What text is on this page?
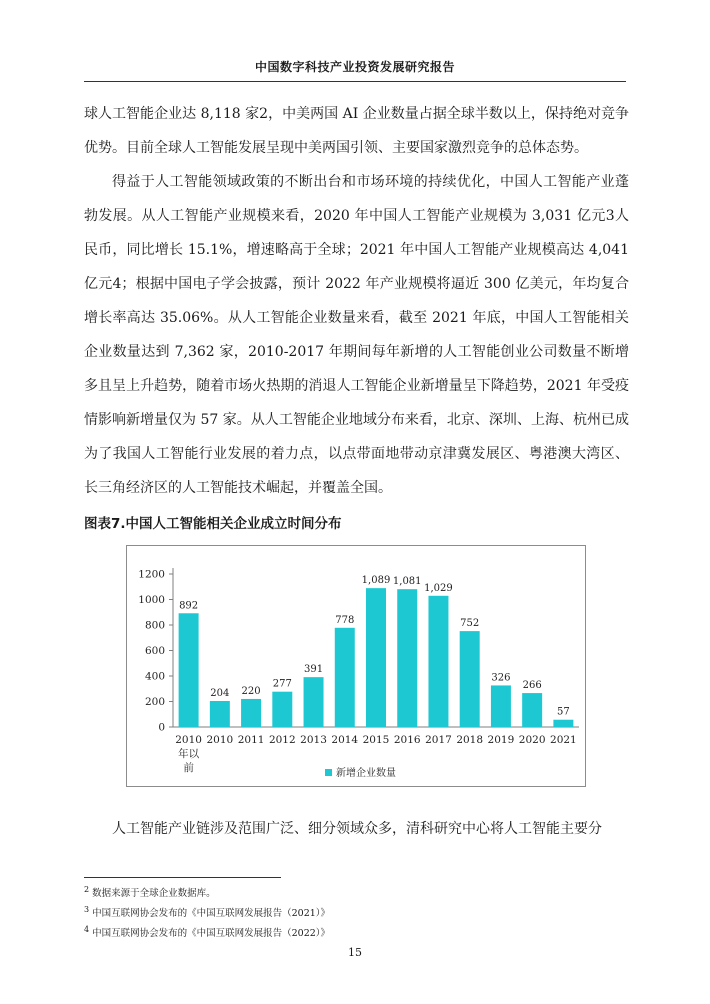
中国数字科技产业投资发展研究报告
球人工智能企业达 8,118 家2，中美两国 AI 企业数量占据全球半数以上，保持绝对竞争优势。目前全球人工智能发展呈现中美两国引领、主要国家激烈竞争的总体态势。
得益于人工智能领域政策的不断出台和市场环境的持续优化，中国人工智能产业蓬勃发展。从人工智能产业规模来看，2020 年中国人工智能产业规模为 3,031 亿元3人民币，同比增长 15.1%，增速略高于全球；2021 年中国人工智能产业规模高达 4,041 亿元4；根据中国电子学会披露，预计 2022 年产业规模将逼近 300 亿美元，年均复合增长率高达 35.06%。从人工智能企业数量来看，截至 2021 年底，中国人工智能相关企业数量达到 7,362 家，2010-2017 年期间每年新增的人工智能创业公司数量不断增多且呈上升趋势，随着市场火热期的消退人工智能企业新增量呈下降趋势，2021 年受疫情影响新增量仅为 57 家。从人工智能企业地域分布来看，北京、深圳、上海、杭州已成为了我国人工智能行业发展的着力点，以点带面地带动京津冀发展区、粤港澳大湾区、长三角经济区的人工智能技术崛起，并覆盖全国。
图表7.中国人工智能相关企业成立时间分布
0
200
400
600
800
1000
1200
892
2010
年以
前
204
2010
220
2011
277
2012
391
2013
778
2014
1,089
2015
1,081
2016
1,029
2017
752
2018
326
2019
266
2020
57
2021
新增企业数量
人工智能产业链涉及范围广泛、细分领域众多，清科研究中心将人工智能主要分
$^2$ 数据来源于全球企业数据库。
$^3$ 中国互联网协会发布的《中国互联网发展报告（2021）》
$^4$ 中国互联网协会发布的《中国互联网发展报告（2022）》
15
